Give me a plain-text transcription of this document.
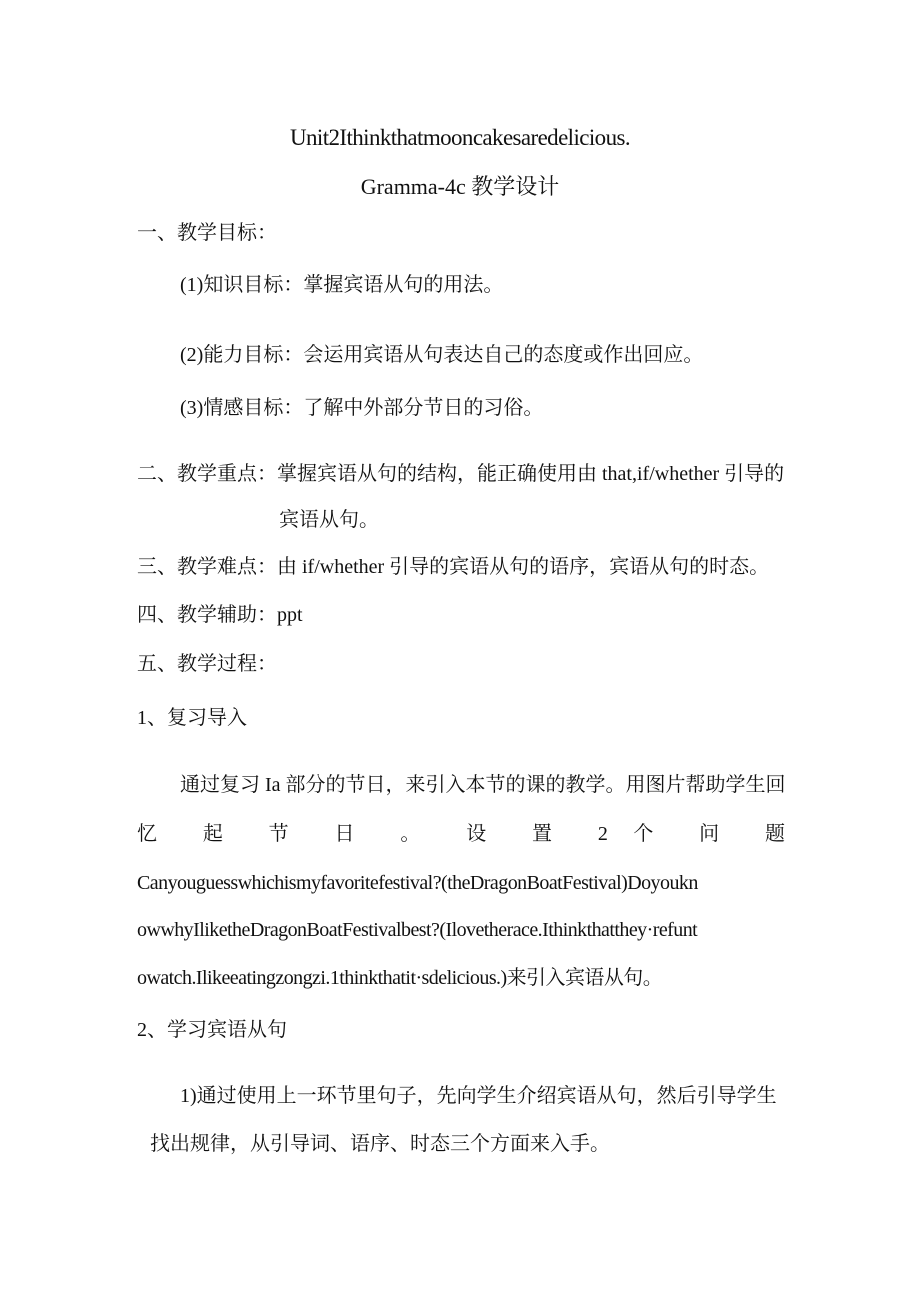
Unit2Ithinkthatmooncakesaredelicious.
Gramma-4c 教学设计
一、教学目标：
(1)知识目标：掌握宾语从句的用法。
(2)能力目标：会运用宾语从句表达自己的态度或作出回应。
(3)情感目标：了解中外部分节日的习俗。
二、教学重点：掌握宾语从句的结构，能正确使用由 that,if/whether 引导的
宾语从句。
三、教学难点：由 if/whether 引导的宾语从句的语序，宾语从句的时态。
四、教学辅助：ppt
五、教学过程：
1、复习导入
通过复习 Ia 部分的节日，来引入本节的课的教学。用图片帮助学生回
忆 起 节 日 。 设 置 2 个 问 题
Canyouguesswhichismyfavoritefestival?(theDragonBoatFestival)Doyoukn
owwhyIliketheDragonBoatFestivalbest?(Ilovetherace.Ithinkthatthey·refunt
owatch.Ilikeeatingzongzi.1thinkthatit·sdelicious.)来引入宾语从句。
2、学习宾语从句
1)通过使用上一环节里句子，先向学生介绍宾语从句，然后引导学生
找出规律，从引导词、语序、时态三个方面来入手。
